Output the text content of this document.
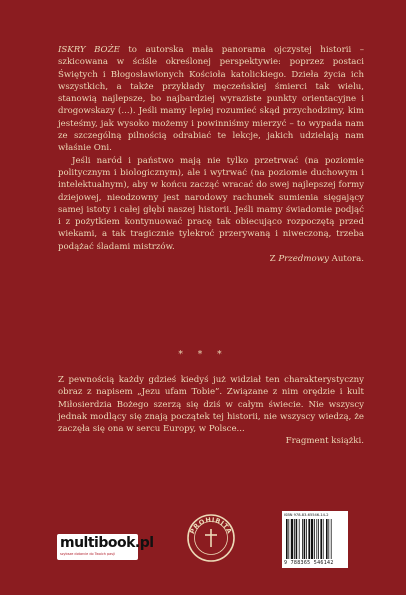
ISKRY BOŻE to autorska mała panorama ojczystej historii – szkicowana w ściśle określonej perspektywie: poprzez postaci Świętych i Błogosławionych Kościoła katolickiego. Dzieła życia ich wszystkich, a także przykłady męczeńskiej śmierci tak wielu, stanowią najlepsze, bo najbardziej wyraziste punkty orientacyjne i drogowskazy (...). Jeśli mamy lepiej rozumieć skąd przychodzimy, kim jesteśmy, jak wysoko możemy i powinniśmy mierzyć – to wypada nam ze szczególną pilnością odrabiać te lekcje, jakich udzielają nam właśnie Oni.

Jeśli naród i państwo mają nie tylko przetrwać (na poziomie politycznym i biologicznym), ale i wytrwać (na poziomie duchowym i intelektualnym), aby w końcu zacząć wracać do swej najlepszej formy dziejowej, nieodzowny jest narodowy rachunek sumienia sięgający samej istoty i całej głębi naszej historii. Jeśli mamy świadomie podjąć i z pożytkiem kontynuować pracę tak obiecująco rozpoczętą przed wiekami, a tak tragicznie tylekroć przerywaną i niweczoną, trzeba podążać śladami mistrzów.

Z Przedmowy Autora.

* * *

Z pewnością każdy gdzieś kiedyś już widział ten charakterystyczny obraz z napisem „Jezu ufam Tobie”. Związane z nim orędzie i kult Miłosierdzia Bożego szerzą się dziś w całym świecie. Nie wszyscy jednak modlący się znają początek tej historii, nie wszyscy wiedzą, że zaczęła się ona w sercu Europy, w Polsce...

Fragment książki.

multibook.pl
szybsze dotarcie do Twoich pasji
PROHIBITA
ISBN 978-83-65546-14-2
9 788365 546142
